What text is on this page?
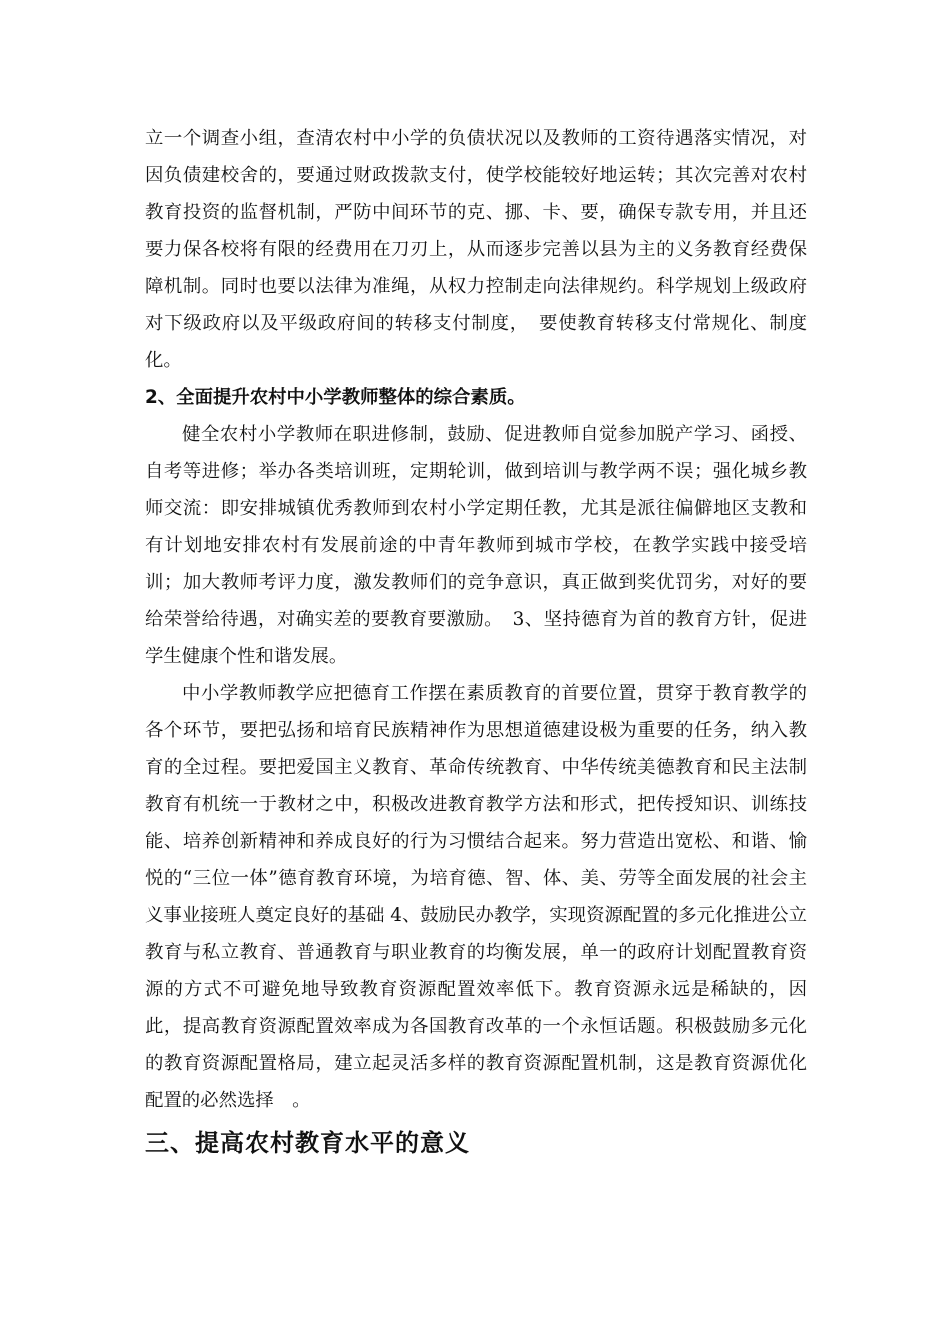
立一个调查小组，查清农村中小学的负债状况以及教师的工资待遇落实情况，对因负债建校舍的，要通过财政拨款支付，使学校能较好地运转；其次完善对农村教育投资的监督机制，严防中间环节的克、挪、卡、要，确保专款专用，并且还要力保各校将有限的经费用在刀刃上，从而逐步完善以县为主的义务教育经费保障机制。同时也要以法律为准绳，从权力控制走向法律规约。科学规划上级政府对下级政府以及平级政府间的转移支付制度，　要使教育转移支付常规化、制度化。

2、全面提升农村中小学教师整体的综合素质。

健全农村小学教师在职进修制，鼓励、促进教师自觉参加脱产学习、函授、自考等进修；举办各类培训班，定期轮训，做到培训与教学两不误；强化城乡教师交流：即安排城镇优秀教师到农村小学定期任教，尤其是派往偏僻地区支教和有计划地安排农村有发展前途的中青年教师到城市学校，在教学实践中接受培训；加大教师考评力度，激发教师们的竞争意识，真正做到奖优罚劣，对好的要给荣誉给待遇，对确实差的要教育要激励。　3、坚持德育为首的教育方针，促进学生健康个性和谐发展。

中小学教师教学应把德育工作摆在素质教育的首要位置，贯穿于教育教学的各个环节，要把弘扬和培育民族精神作为思想道德建设极为重要的任务，纳入教育的全过程。要把爱国主义教育、革命传统教育、中华传统美德教育和民主法制教育有机统一于教材之中，积极改进教育教学方法和形式，把传授知识、训练技能、培养创新精神和养成良好的行为习惯结合起来。努力营造出宽松、和谐、愉悦的“三位一体”德育教育环境，为培育德、智、体、美、劳等全面发展的社会主义事业接班人奠定良好的基础 4、鼓励民办教学，实现资源配置的多元化推进公立教育与私立教育、普通教育与职业教育的均衡发展，单一的政府计划配置教育资源的方式不可避免地导致教育资源配置效率低下。教育资源永远是稀缺的，因此，提高教育资源配置效率成为各国教育改革的一个永恒话题。积极鼓励多元化的教育资源配置格局，建立起灵活多样的教育资源配置机制，这是教育资源优化配置的必然选择　。

三、提高农村教育水平的意义
